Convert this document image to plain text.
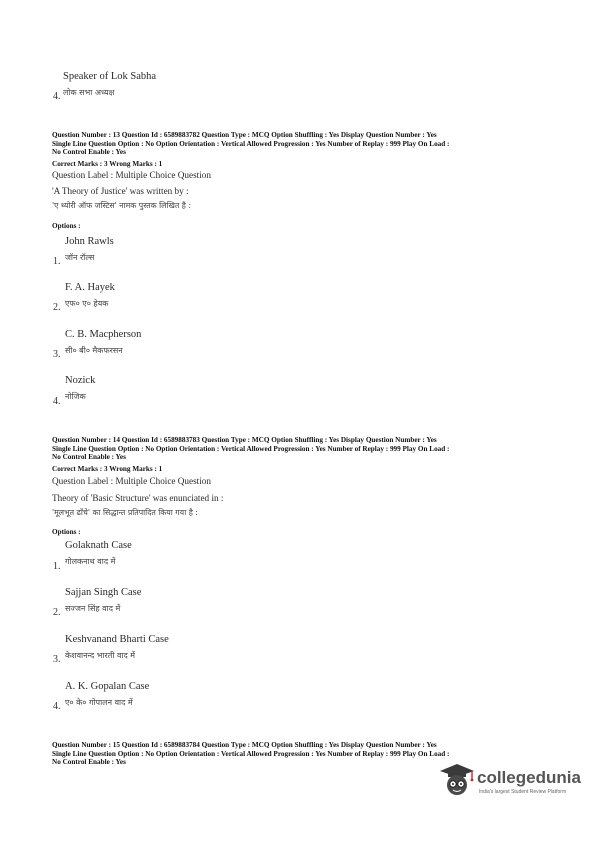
Speaker of Lok Sabha
4. लोक सभा अध्यक्ष
Question Number : 13 Question Id : 6589883782 Question Type : MCQ Option Shuffling : Yes Display Question Number : Yes
Single Line Question Option : No Option Orientation : Vertical Allowed Progression : Yes Number of Replay : 999 Play On Load :
No Control Enable : Yes
Correct Marks : 3 Wrong Marks : 1
Question Label : Multiple Choice Question
'A Theory of Justice' was written by :
'ए थ्योरी ऑफ जस्टिस' नामक पुस्तक लिखित है :
Options :
John Rawls
1. जॉन रॉल्स
F. A. Hayek
2. एफ० ए० हेयक
C. B. Macpherson
3. सी० बी० मैकफरसन
Nozick
4. नोजिक
Question Number : 14 Question Id : 6589883783 Question Type : MCQ Option Shuffling : Yes Display Question Number : Yes
Single Line Question Option : No Option Orientation : Vertical Allowed Progression : Yes Number of Replay : 999 Play On Load :
No Control Enable : Yes
Correct Marks : 3 Wrong Marks : 1
Question Label : Multiple Choice Question
Theory of 'Basic Structure' was enunciated in :
'मूलभूत ढाँचे' का सिद्धान्त प्रतिपादित किया गया है :
Options :
Golaknath Case
1. गोलकनाथ वाद में
Sajjan Singh Case
2. सज्जन सिंह वाद में
Keshvanand Bharti Case
3. केशवानन्द भारती वाद में
A. K. Gopalan Case
4. ए० के० गोपालन वाद में
Question Number : 15 Question Id : 6589883784 Question Type : MCQ Option Shuffling : Yes Display Question Number : Yes
Single Line Question Option : No Option Orientation : Vertical Allowed Progression : Yes Number of Replay : 999 Play On Load :
No Control Enable : Yes
collegedunia
India's largest Student Review Platform
